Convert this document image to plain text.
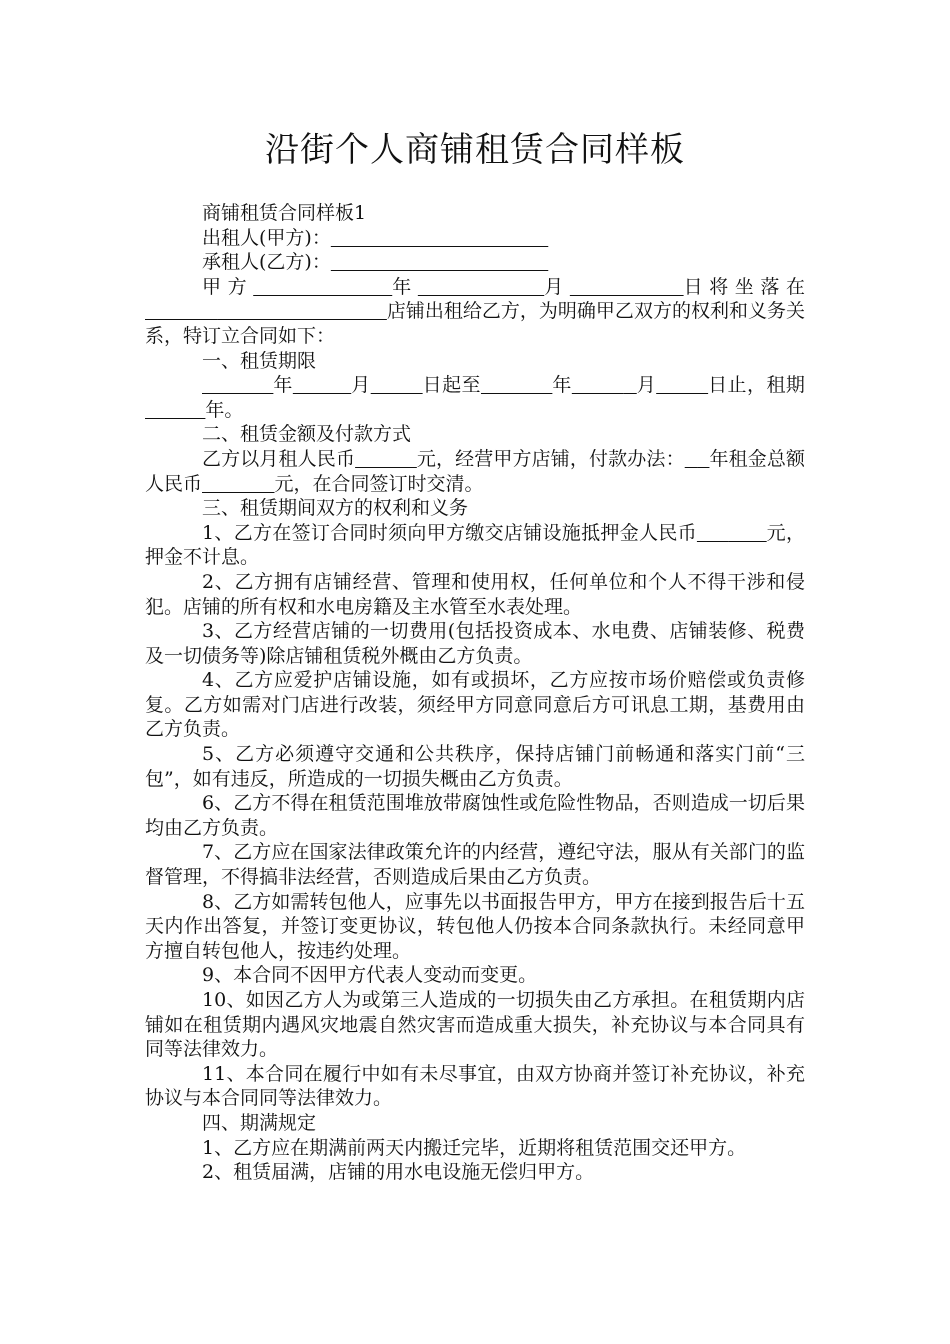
沿街个人商铺租赁合同样板

商铺租赁合同样板1

出租人(甲方)：

承租人(乙方)：

甲方	年	月	日将坐落在                                        店铺出租给乙方，为明确甲乙双方的权利和义务关系，特订立合同如下：

一、租赁期限

年	月	日起至	年	月	日止，租期          年。

二、租赁金额及付款方式

乙方以月租人民币	元，经营甲方店铺，付款办法： 年租金总额人民币	元，在合同签订时交清。

三、租赁期间双方的权利和义务

1、乙方在签订合同时须向甲方缴交店铺设施抵押金人民币	元，押金不计息。

2、乙方拥有店铺经营、管理和使用权，任何单位和个人不得干涉和侵犯。店铺的所有权和水电房籍及主水管至水表处理。

3、乙方经营店铺的一切费用(包括投资成本、水电费、店铺装修、税费及一切债务等)除店铺租赁税外概由乙方负责。

4、乙方应爱护店铺设施，如有或损坏，乙方应按市场价赔偿或负责修复。乙方如需对门店进行改装，须经甲方同意同意后方可讯息工期，基费用由乙方负责。

5、乙方必须遵守交通和公共秩序，保持店铺门前畅通和落实门前“三包”，如有违反，所造成的一切损失概由乙方负责。

6、乙方不得在租赁范围堆放带腐蚀性或危险性物品，否则造成一切后果均由乙方负责。

7、乙方应在国家法律政策允许的内经营，遵纪守法，服从有关部门的监督管理，不得搞非法经营，否则造成后果由乙方负责。

8、乙方如需转包他人，应事先以书面报告甲方，甲方在接到报告后十五天内作出答复，并签订变更协议，转包他人仍按本合同条款执行。未经同意甲方擅自转包他人，按违约处理。

9、本合同不因甲方代表人变动而变更。

10、如因乙方人为或第三人造成的一切损失由乙方承担。在租赁期内店铺如在租赁期内遇风灾地震自然灾害而造成重大损失，补充协议与本合同具有同等法律效力。

11、本合同在履行中如有未尽事宜，由双方协商并签订补充协议，补充协议与本合同同等法律效力。

四、期满规定

1、乙方应在期满前两天内搬迁完毕，近期将租赁范围交还甲方。

2、租赁届满，店铺的用水电设施无偿归甲方。
